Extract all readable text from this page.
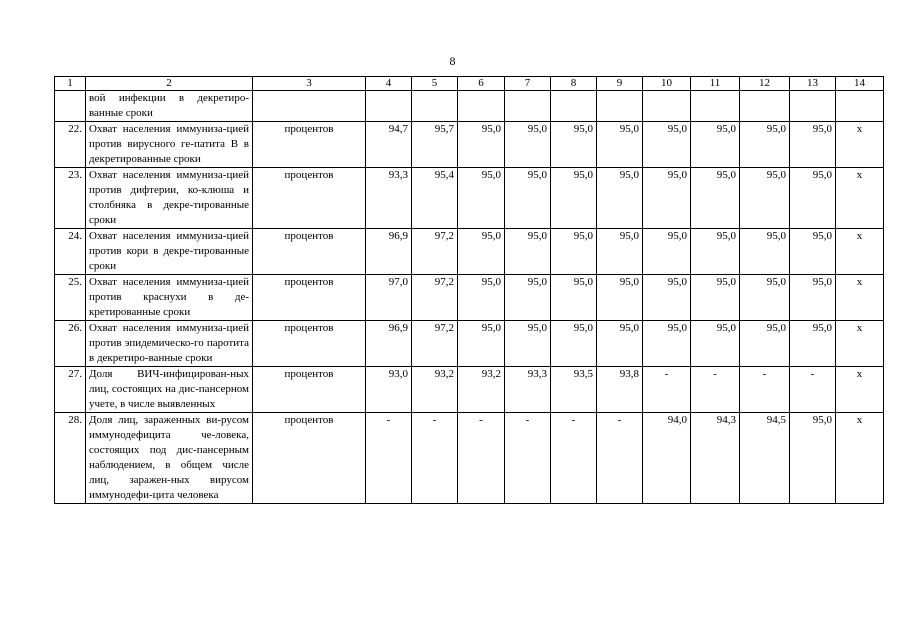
8
1	2	3	4	5	6	7	8	9	10	11	12	13	14
	вой инфекции в декретиро-ванные сроки												
22.	Охват населения иммуниза-цией против вирусного ге-патита В в декретированные сроки	процентов	94,7	95,7	95,0	95,0	95,0	95,0	95,0	95,0	95,0	95,0	x
23.	Охват населения иммуниза-цией против дифтерии, ко-клюша и столбняка в декре-тированные сроки	процентов	93,3	95,4	95,0	95,0	95,0	95,0	95,0	95,0	95,0	95,0	x
24.	Охват населения иммуниза-цией против кори в декре-тированные сроки	процентов	96,9	97,2	95,0	95,0	95,0	95,0	95,0	95,0	95,0	95,0	x
25.	Охват населения иммуниза-цией против краснухи в де-кретированные сроки	процентов	97,0	97,2	95,0	95,0	95,0	95,0	95,0	95,0	95,0	95,0	x
26.	Охват населения иммуниза-цией против эпидемическо-го паротита в декретиро-ванные сроки	процентов	96,9	97,2	95,0	95,0	95,0	95,0	95,0	95,0	95,0	95,0	x
27.	Доля ВИЧ-инфицирован-ных лиц, состоящих на дис-пансерном учете, в числе выявленных	процентов	93,0	93,2	93,2	93,3	93,5	93,8	-	-	-	-	x
28.	Доля лиц, зараженных ви-русом иммунодефицита че-ловека, состоящих под дис-пансерным наблюдением, в общем числе лиц, заражен-ных вирусом иммунодефи-цита человека	процентов	-	-	-	-	-	-	94,0	94,3	94,5	95,0	x
